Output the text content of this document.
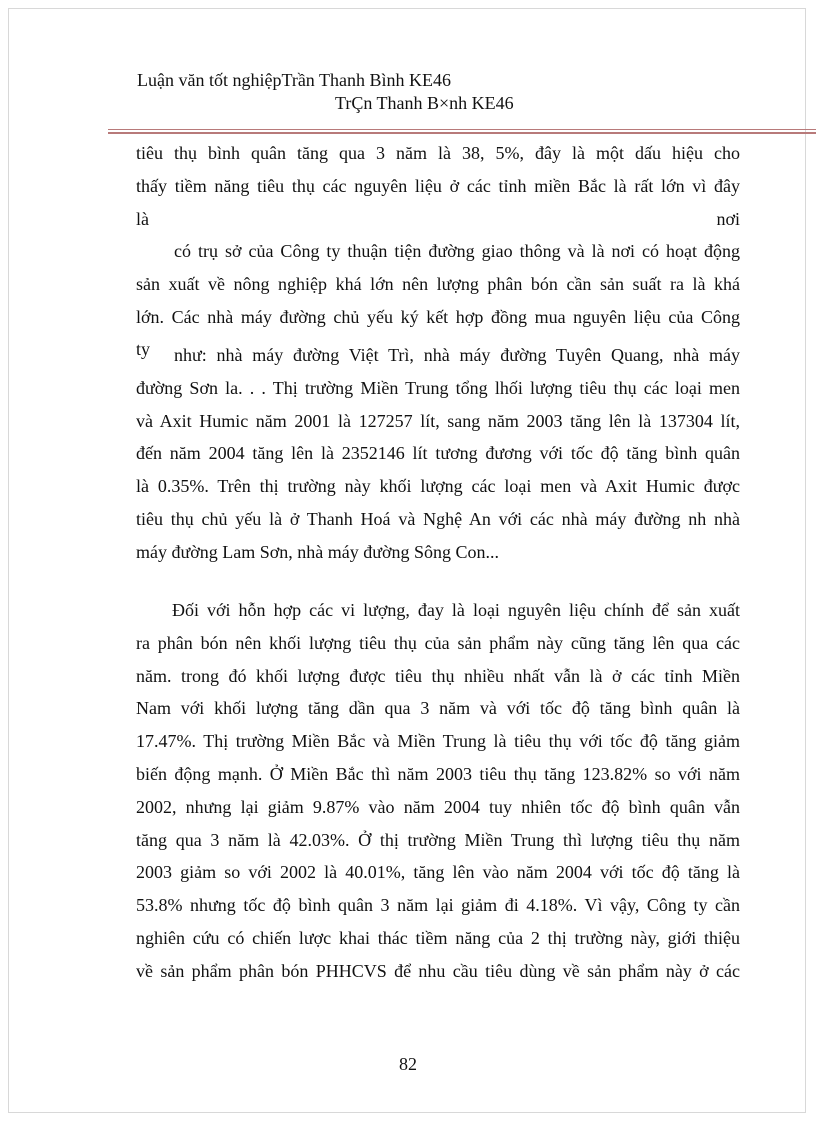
Luận văn tốt nghiệpTrần Thanh Bình KE46
TrÇn Thanh B×nh KE46
tiêu thụ bình quân tăng qua 3 năm là 38, 5%, đây là một dấu hiệu cho
thấy tiềm năng tiêu thụ các nguyên liệu ở các tỉnh miền Bắc là rất lớn vì đây
là	nơi
có trụ sở của Công ty thuận tiện đường giao thông và là nơi có hoạt động
sản xuất về nông nghiệp khá lớn nên lượng phân bón cần sản suất ra là khá
lớn. Các nhà máy đường chủ yếu ký kết hợp đồng mua nguyên liệu của Công
ty	như: nhà máy đường Việt Trì, nhà máy đường Tuyên Quang, nhà máy
đường Sơn la. . . Thị trường Miền Trung tổng lhối lượng tiêu thụ các loại men
và Axit Humic năm 2001 là 127257 lít, sang năm 2003 tăng lên là 137304 lít,
đến năm 2004 tăng lên là 2352146 lít tương đương với tốc độ tăng bình quân
là 0.35%. Trên thị trường này khối lượng các loại men và Axit Humic được
tiêu thụ chủ yếu là ở Thanh Hoá và Nghệ An với các nhà máy đường nh nhà
máy đường Lam Sơn, nhà máy đường Sông Con...
Đối với hỗn hợp các vi lượng, đay là loại nguyên liệu chính để sản xuất
ra phân bón nên khối lượng tiêu thụ của sản phẩm này cũng tăng lên qua các
năm. trong đó khối lượng được tiêu thụ nhiều nhất vẫn là ở các tỉnh Miền
Nam với khối lượng tăng dần qua 3 năm và với tốc độ tăng bình quân là
17.47%. Thị trường Miền Bắc và Miền Trung là tiêu thụ với tốc độ tăng giảm
biến động mạnh. Ở Miền Bắc thì năm 2003 tiêu thụ tăng 123.82% so với năm
2002, nhưng lại giảm 9.87% vào năm 2004 tuy nhiên tốc độ bình quân vẫn
tăng qua 3 năm là 42.03%. Ở thị trường Miền Trung thì lượng tiêu thụ năm
2003 giảm so với 2002 là 40.01%, tăng lên vào năm 2004 với tốc độ tăng là
53.8% nhưng tốc độ bình quân 3 năm lại giảm đi 4.18%. Vì vậy, Công ty cần
nghiên cứu có chiến lược khai thác tiềm năng của 2 thị trường này, giới thiệu
về sản phẩm phân bón PHHCVS để nhu cầu tiêu dùng về sản phẩm này ở các
82
